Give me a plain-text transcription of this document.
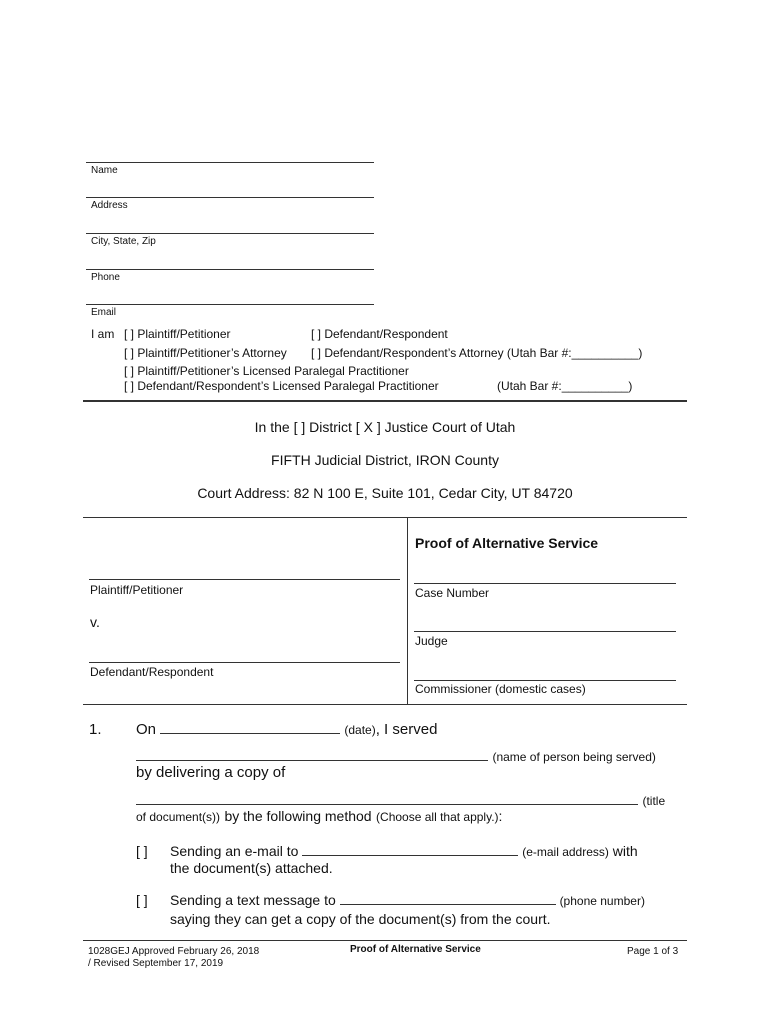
Name
Address
City, State, Zip
Phone
Email
I am [ ] Plaintiff/Petitioner	[ ] Defendant/Respondent
[ ] Plaintiff/Petitioner’s Attorney [ ] Defendant/Respondent’s Attorney (Utah Bar #:__________)
[ ] Plaintiff/Petitioner’s Licensed Paralegal Practitioner
[ ] Defendant/Respondent’s Licensed Paralegal Practitioner	(Utah Bar #:__________)
In the [ ] District [ X ] Justice Court of Utah
FIFTH Judicial District, IRON County
Court Address: 82 N 100 E, Suite 101, Cedar City, UT 84720
Plaintiff/Petitioner
v.
Defendant/Respondent
Proof of Alternative Service
Case Number
Judge
Commissioner (domestic cases)
1. On	(date), I served
(name of person being served)
by delivering a copy of
(title
of document(s)) by the following method (Choose all that apply.):
[ ] Sending an e-mail to	(e-mail address) with
the document(s) attached.
[ ] Sending a text message to	(phone number)
saying they can get a copy of the document(s) from the court.
1028GEJ Approved February 26, 2018
/ Revised September 17, 2019
Proof of Alternative Service	Page 1 of 3
